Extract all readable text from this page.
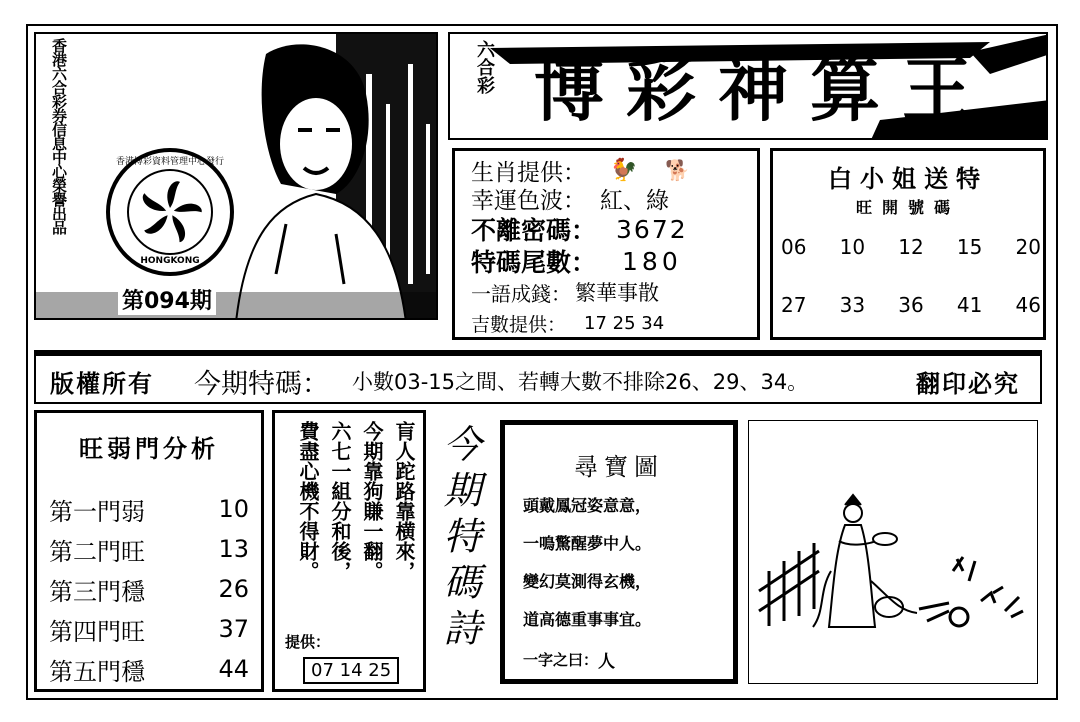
香港六合彩券信息中心榮譽出品	香港博彩資料管理中心發行
HONGKONG
第094期
六合彩 博彩神算王
生肖提供： 🐓 🐕
幸運色波： 紅、綠
不離密碼： 3672
特碼尾數： 180
一語成錢： 繁華事散
吉數提供： 17 25 34
白小姐送特
旺開號碼
06 10 12 15 20
27 33 36 41 46
版權所有 今期特碼： 小數03-15之間、若轉大數不排除26、29、34。	翻印必究
旺弱門分析
第一門弱	10
第二門旺	13
第三門穩	26
第四門旺	37
第五門穩	44
肓人跎路靠横來，
今期靠狗賺一翻。
六七一組分和後，
費盡心機不得財。
提供：
07 14 25
今期特碼詩	尋寶圖
頭戴鳳冠姿意意，
一鳴驚醒夢中人。
變幻莫測得玄機，
道高德重事事宜。
一字之曰： 人
